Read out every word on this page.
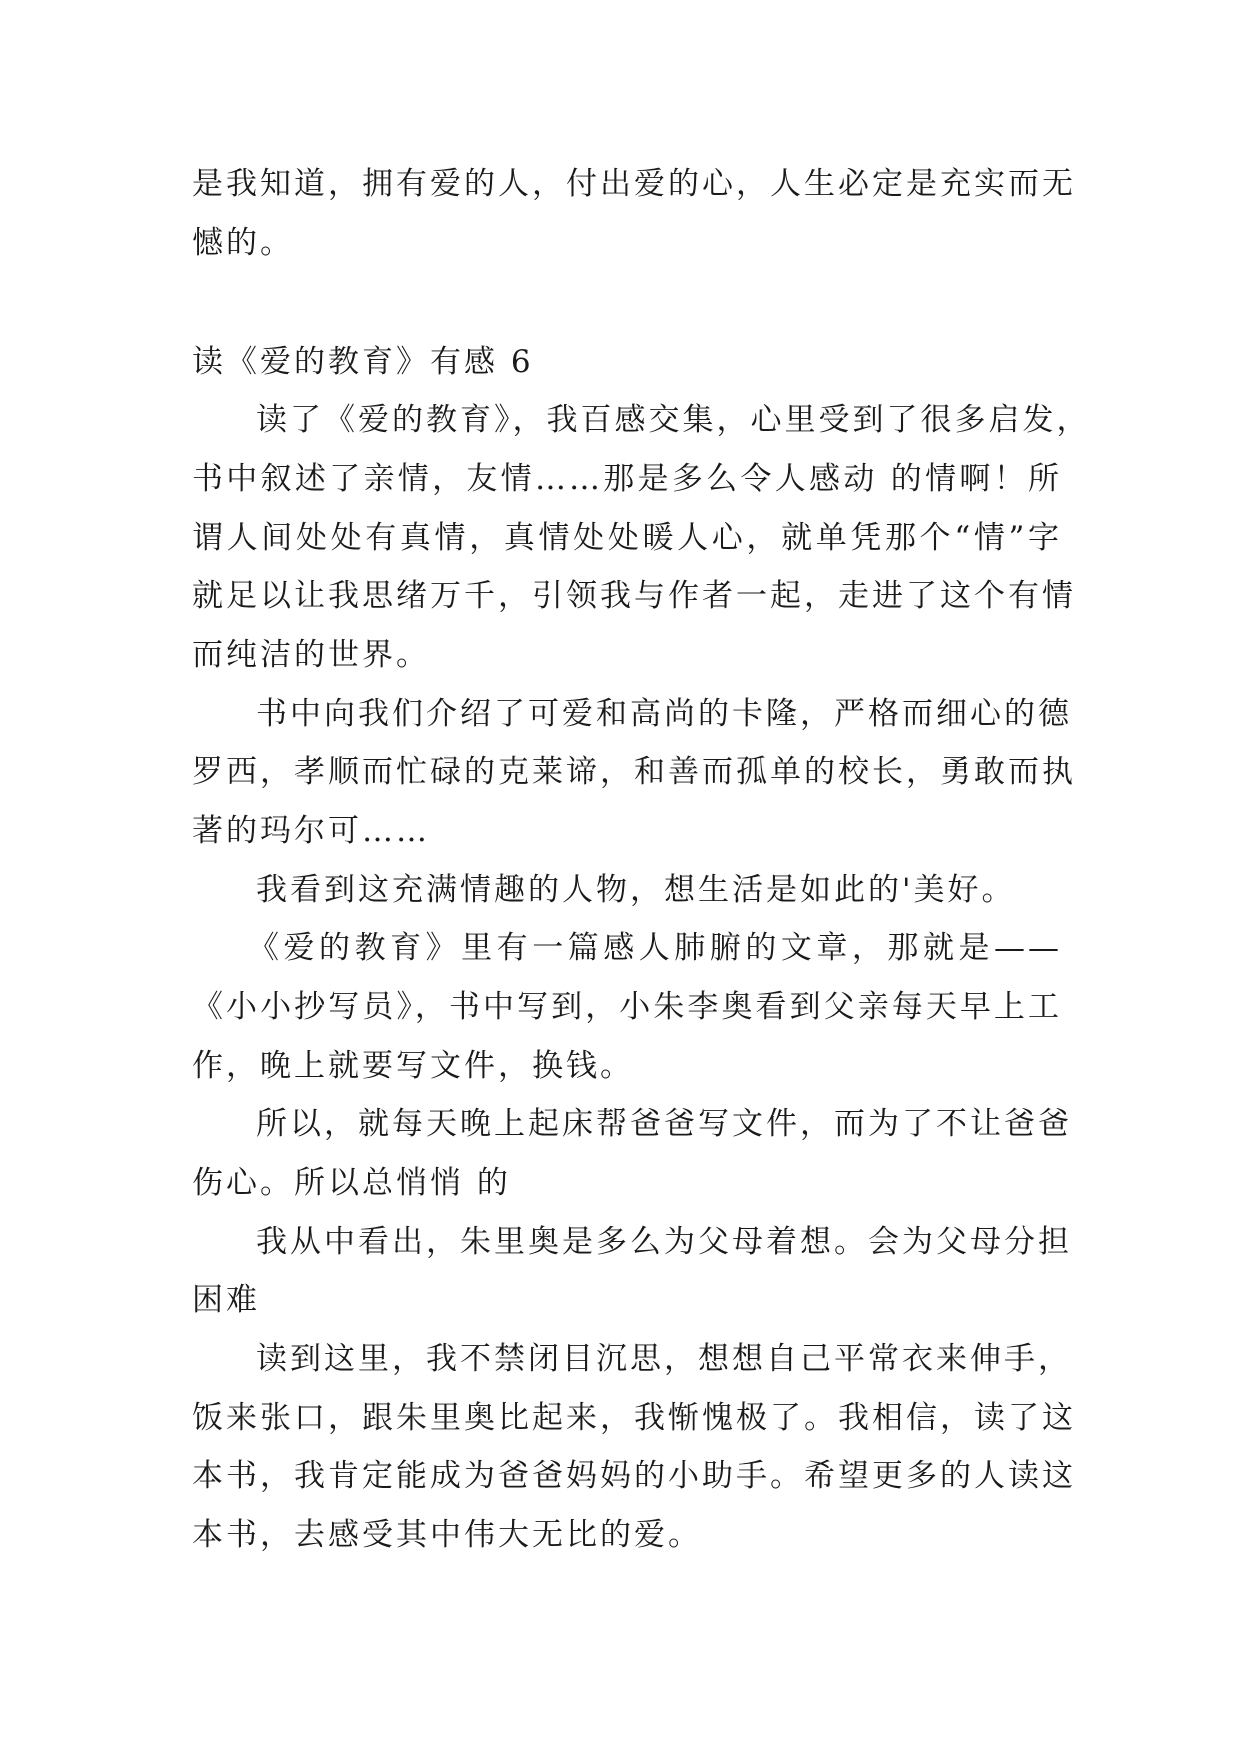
是我知道，拥有爱的人，付出爱的心，人生必定是充实而无
憾的。
读《爱的教育》有感 6
读了《爱的教育》，我百感交集，心里受到了很多启发，
书中叙述了亲情，友情……那是多么令人感动 的情啊！所
谓人间处处有真情，真情处处暖人心，就单凭那个“情”字
就足以让我思绪万千，引领我与作者一起，走进了这个有情
而纯洁的世界。
书中向我们介绍了可爱和高尚的卡隆，严格而细心的德
罗西，孝顺而忙碌的克莱谛，和善而孤单的校长，勇敢而执
著的玛尔可……
我看到这充满情趣的人物，想生活是如此的'美好。
《爱的教育》里有一篇感人肺腑的文章，那就是——
《小小抄写员》，书中写到，小朱李奥看到父亲每天早上工
作，晚上就要写文件，换钱。
所以，就每天晚上起床帮爸爸写文件，而为了不让爸爸
伤心。所以总悄悄 的
我从中看出，朱里奥是多么为父母着想。会为父母分担
困难
读到这里，我不禁闭目沉思，想想自己平常衣来伸手，
饭来张口，跟朱里奥比起来，我惭愧极了。我相信，读了这
本书，我肯定能成为爸爸妈妈的小助手。希望更多的人读这
本书，去感受其中伟大无比的爱。
